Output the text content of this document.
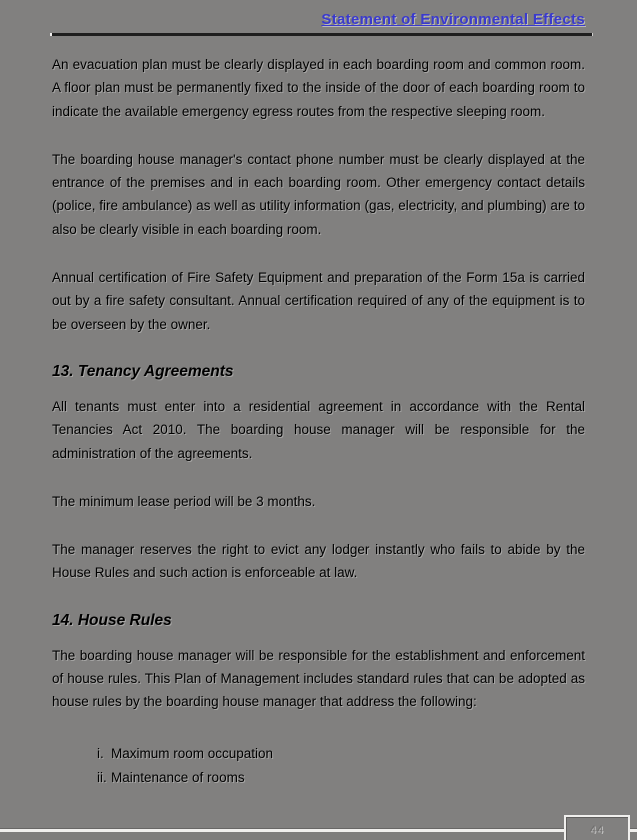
Statement of Environmental Effects

An evacuation plan must be clearly displayed in each boarding room and common room. A floor plan must be permanently fixed to the inside of the door of each boarding room to indicate the available emergency egress routes from the respective sleeping room.

The boarding house manager's contact phone number must be clearly displayed at the entrance of the premises and in each boarding room. Other emergency contact details (police, fire ambulance) as well as utility information (gas, electricity, and plumbing) are to also be clearly visible in each boarding room.

Annual certification of Fire Safety Equipment and preparation of the Form 15a is carried out by a fire safety consultant. Annual certification required of any of the equipment is to be overseen by the owner.

13. Tenancy Agreements

All tenants must enter into a residential agreement in accordance with the Rental Tenancies Act 2010. The boarding house manager will be responsible for the administration of the agreements.

The minimum lease period will be 3 months.

The manager reserves the right to evict any lodger instantly who fails to abide by the House Rules and such action is enforceable at law.

14. House Rules

The boarding house manager will be responsible for the establishment and enforcement of house rules. This Plan of Management includes standard rules that can be adopted as house rules by the boarding house manager that address the following:

i. Maximum room occupation
ii. Maintenance of rooms
44
